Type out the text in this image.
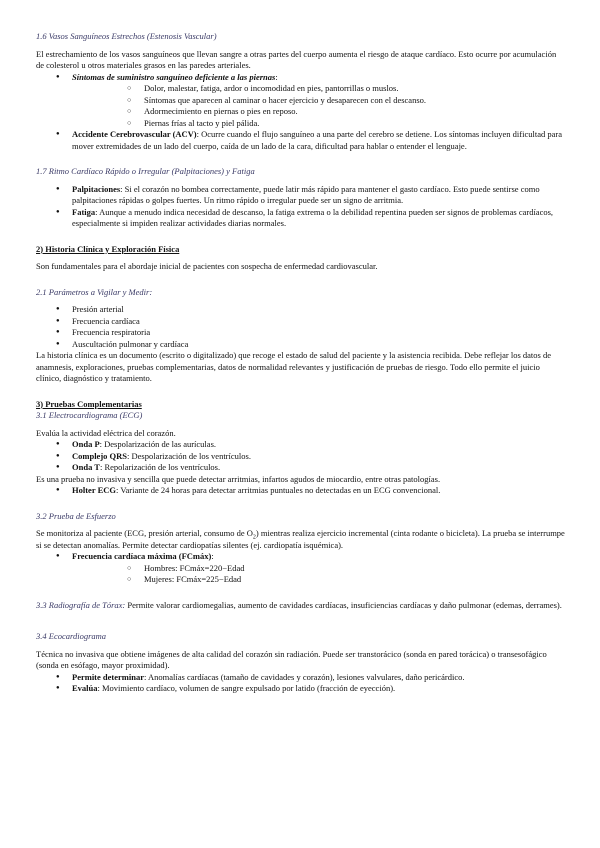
1.6 Vasos Sanguíneos Estrechos (Estenosis Vascular)

El estrechamiento de los vasos sanguíneos que llevan sangre a otras partes del cuerpo aumenta el riesgo de ataque cardíaco. Esto ocurre por acumulación de colesterol u otros materiales grasos en las paredes arteriales.

● Síntomas de suministro sanguíneo deficiente a las piernas:
○ Dolor, malestar, fatiga, ardor o incomodidad en pies, pantorrillas o muslos.
○ Síntomas que aparecen al caminar o hacer ejercicio y desaparecen con el descanso.
○ Adormecimiento en piernas o pies en reposo.
○ Piernas frías al tacto y piel pálida.
● Accidente Cerebrovascular (ACV): Ocurre cuando el flujo sanguíneo a una parte del cerebro se detiene. Los síntomas incluyen dificultad para mover extremidades de un lado del cuerpo, caída de un lado de la cara, dificultad para hablar o entender el lenguaje.

1.7 Ritmo Cardíaco Rápido o Irregular (Palpitaciones) y Fatiga

● Palpitaciones: Si el corazón no bombea correctamente, puede latir más rápido para mantener el gasto cardíaco. Esto puede sentirse como palpitaciones rápidas o golpes fuertes. Un ritmo rápido o irregular puede ser un signo de arritmia.
● Fatiga: Aunque a menudo indica necesidad de descanso, la fatiga extrema o la debilidad repentina pueden ser signos de problemas cardíacos, especialmente si impiden realizar actividades diarias normales.

2) Historia Clínica y Exploración Física

Son fundamentales para el abordaje inicial de pacientes con sospecha de enfermedad cardiovascular.

2.1 Parámetros a Vigilar y Medir:

● Presión arterial
● Frecuencia cardíaca
● Frecuencia respiratoria
● Auscultación pulmonar y cardíaca

La historia clínica es un documento (escrito o digitalizado) que recoge el estado de salud del paciente y la asistencia recibida. Debe reflejar los datos de anamnesis, exploraciones, pruebas complementarias, datos de normalidad relevantes y justificación de pruebas de riesgo. Todo ello permite el juicio clínico, diagnóstico y tratamiento.

3) Pruebas Complementarias

3.1 Electrocardiograma (ECG)

Evalúa la actividad eléctrica del corazón.

● Onda P: Despolarización de las aurículas.
● Complejo QRS: Despolarización de los ventrículos.
● Onda T: Repolarización de los ventrículos.

Es una prueba no invasiva y sencilla que puede detectar arritmias, infartos agudos de miocardio, entre otras patologías.

● Holter ECG: Variante de 24 horas para detectar arritmias puntuales no detectadas en un ECG convencional.

3.2 Prueba de Esfuerzo

Se monitoriza al paciente (ECG, presión arterial, consumo de $O_2$) mientras realiza ejercicio incremental (cinta rodante o bicicleta). La prueba se interrumpe si se detectan anomalías. Permite detectar cardiopatías silentes (ej. cardiopatía isquémica).

● Frecuencia cardíaca máxima (FCmáx):
○ Hombres: FCmáx=220−Edad
○ Mujeres: FCmáx=225−Edad

3.3 Radiografía de Tórax: Permite valorar cardiomegalias, aumento de cavidades cardíacas, insuficiencias cardíacas y daño pulmonar (edemas, derrames).

3.4 Ecocardiograma

Técnica no invasiva que obtiene imágenes de alta calidad del corazón sin radiación. Puede ser transtorácico (sonda en pared torácica) o transesofágico (sonda en esófago, mayor proximidad).

● Permite determinar: Anomalías cardíacas (tamaño de cavidades y corazón), lesiones valvulares, daño pericárdico.
● Evalúa: Movimiento cardíaco, volumen de sangre expulsado por latido (fracción de eyección).
